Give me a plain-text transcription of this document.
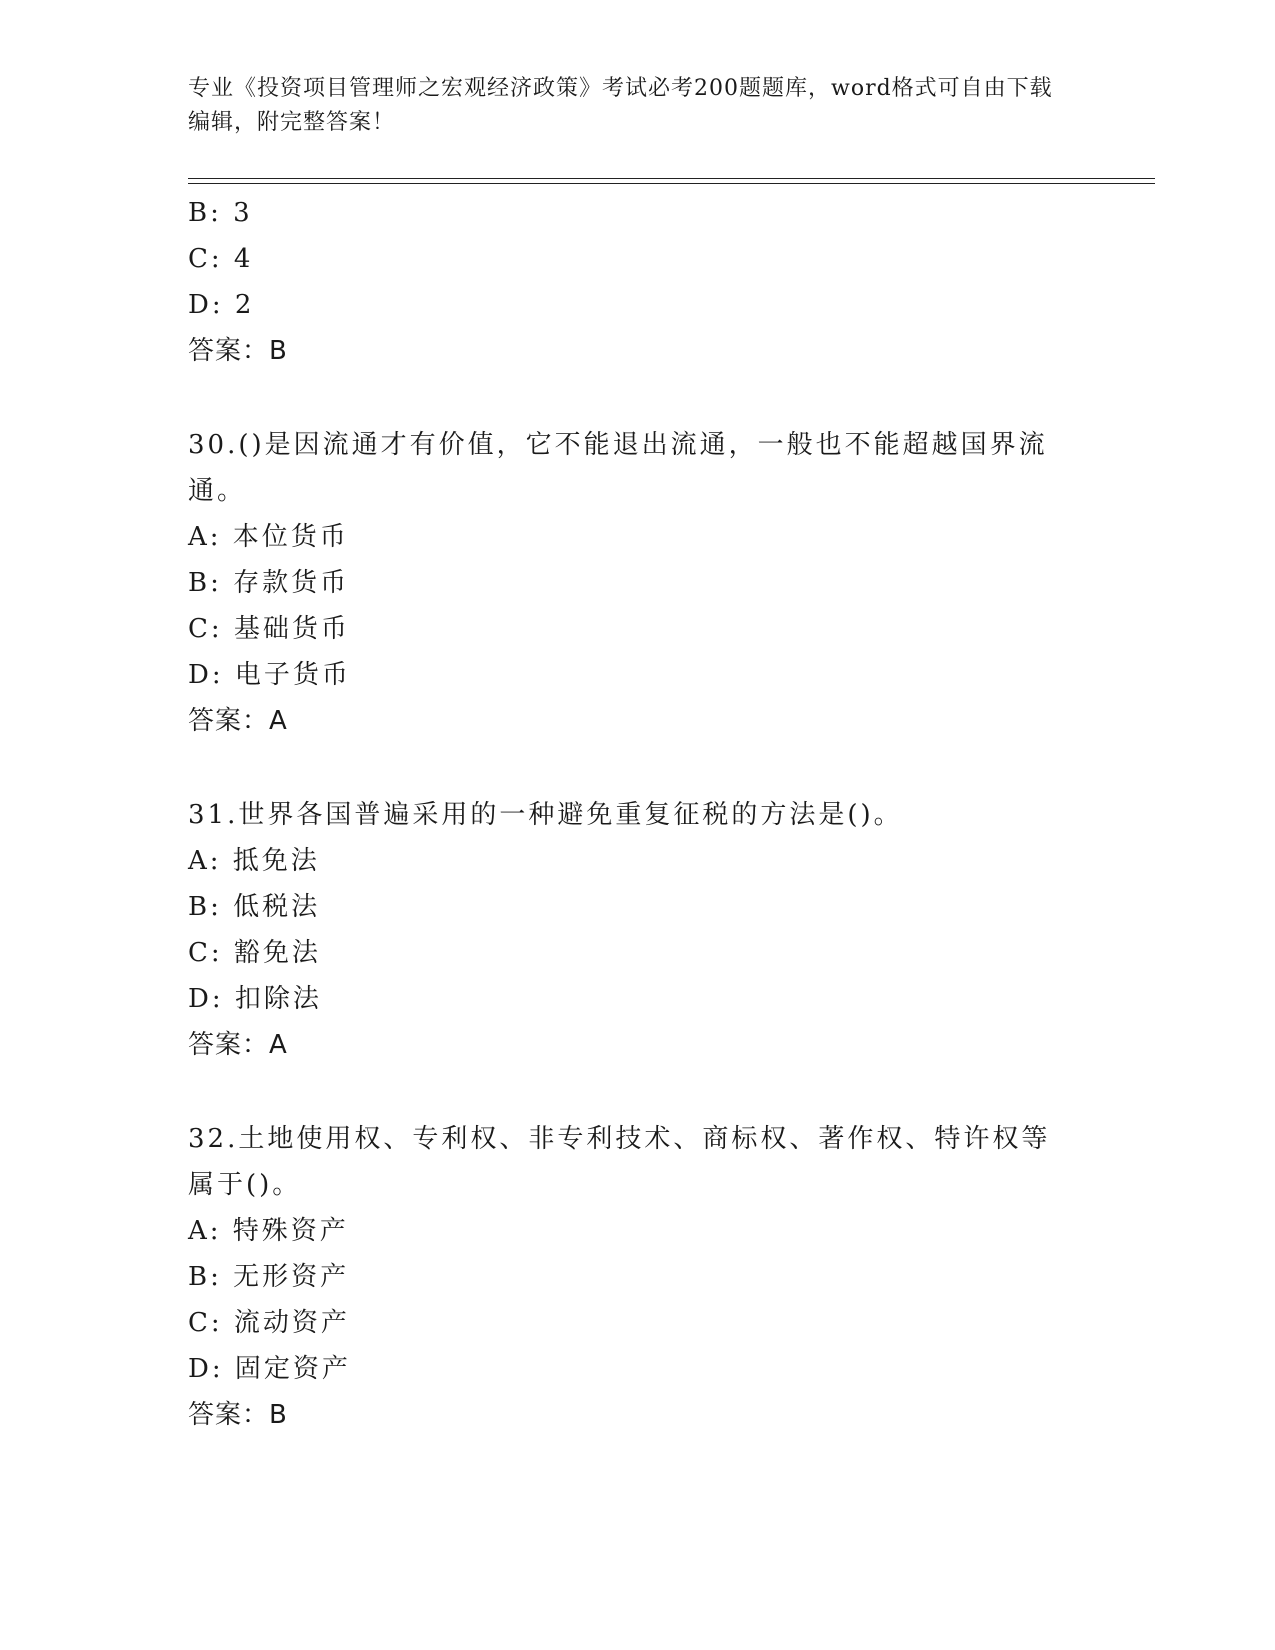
专业《投资项目管理师之宏观经济政策》考试必考200题题库，word格式可自由下载编辑，附完整答案！
B: 3
C: 4
D: 2
答案：B
30.()是因流通才有价值，它不能退出流通，一般也不能超越国界流通。
A: 本位货币
B: 存款货币
C: 基础货币
D: 电子货币
答案：A
31.世界各国普遍采用的一种避免重复征税的方法是()。
A: 抵免法
B: 低税法
C: 豁免法
D: 扣除法
答案：A
32.土地使用权、专利权、非专利技术、商标权、著作权、特许权等属于()。
A: 特殊资产
B: 无形资产
C: 流动资产
D: 固定资产
答案：B
